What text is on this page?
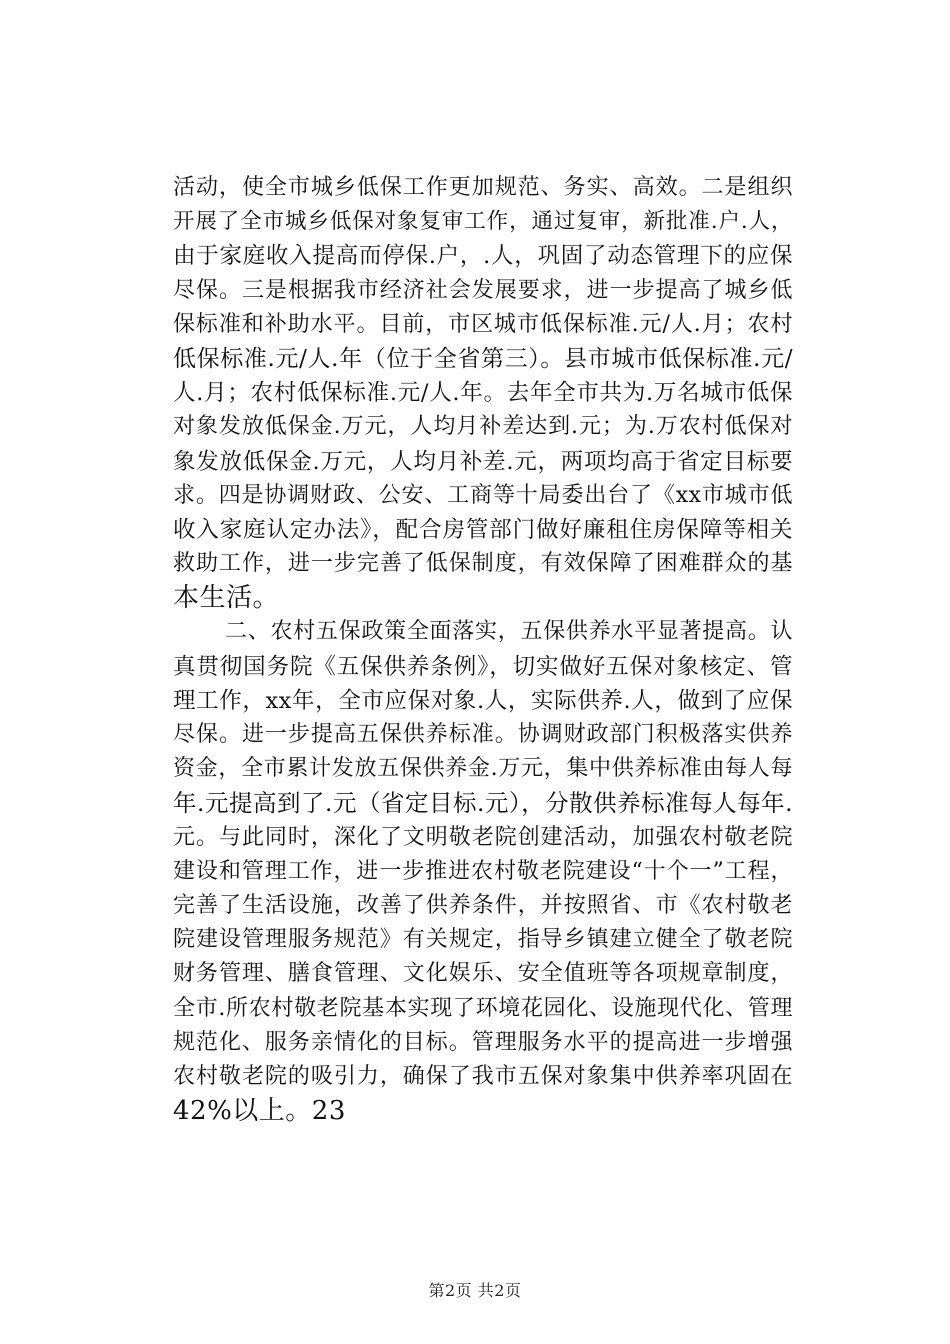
活动，使全市城乡低保工作更加规范、务实、高效。二是组织
开展了全市城乡低保对象复审工作，通过复审，新批准.户.人，
由于家庭收入提高而停保.户，.人，巩固了动态管理下的应保
尽保。三是根据我市经济社会发展要求，进一步提高了城乡低
保标准和补助水平。目前，市区城市低保标准.元/人.月；农村
低保标准.元/人.年（位于全省第三）。县市城市低保标准.元/
人.月；农村低保标准.元/人.年。去年全市共为.万名城市低保
对象发放低保金.万元，人均月补差达到.元；为.万农村低保对
象发放低保金.万元，人均月补差.元，两项均高于省定目标要
求。四是协调财政、公安、工商等十局委出台了《xx市城市低
收入家庭认定办法》，配合房管部门做好廉租住房保障等相关
救助工作，进一步完善了低保制度，有效保障了困难群众的基
本生活。
二、农村五保政策全面落实，五保供养水平显著提高。认
真贯彻国务院《五保供养条例》，切实做好五保对象核定、管
理工作，xx年，全市应保对象.人，实际供养.人，做到了应保
尽保。进一步提高五保供养标准。协调财政部门积极落实供养
资金，全市累计发放五保供养金.万元，集中供养标准由每人每
年.元提高到了.元（省定目标.元），分散供养标准每人每年.
元。与此同时，深化了文明敬老院创建活动，加强农村敬老院
建设和管理工作，进一步推进农村敬老院建设“十个一”工程，
完善了生活设施，改善了供养条件，并按照省、市《农村敬老
院建设管理服务规范》有关规定，指导乡镇建立健全了敬老院
财务管理、膳食管理、文化娱乐、安全值班等各项规章制度，
全市.所农村敬老院基本实现了环境花园化、设施现代化、管理
规范化、服务亲情化的目标。管理服务水平的提高进一步增强
农村敬老院的吸引力，确保了我市五保对象集中供养率巩固在
42%以上。23
第2页 共2页
